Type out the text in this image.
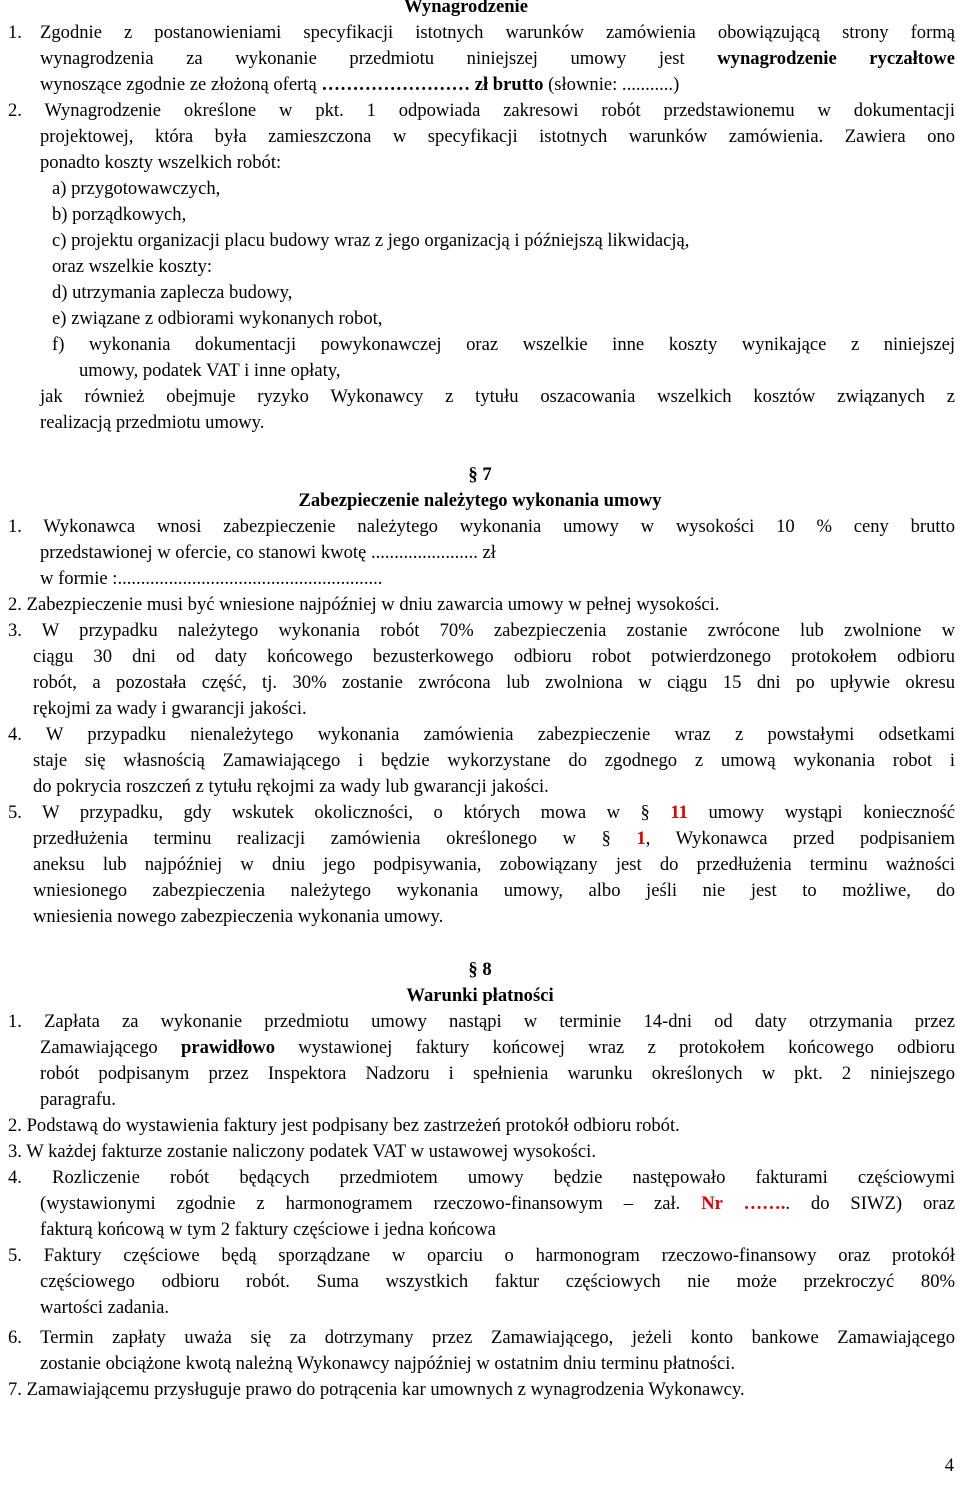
Wynagrodzenie
1. Zgodnie z postanowieniami specyfikacji istotnych warunków zamówienia obowiązującą strony formą
wynagrodzenia za wykonanie przedmiotu niniejszej umowy jest wynagrodzenie ryczałtowe
wynoszące zgodnie ze złożoną ofertą …………………… zł brutto (słownie: ...........)
2. Wynagrodzenie określone w pkt. 1 odpowiada zakresowi robót przedstawionemu w dokumentacji
projektowej, która była zamieszczona w specyfikacji istotnych warunków zamówienia. Zawiera ono
ponadto koszty wszelkich robót:
a) przygotowawczych,
b) porządkowych,
c) projektu organizacji placu budowy wraz z jego organizacją i późniejszą likwidacją,
oraz wszelkie koszty:
d) utrzymania zaplecza budowy,
e) związane z odbiorami wykonanych robot,
f) wykonania dokumentacji powykonawczej oraz wszelkie inne koszty wynikające z niniejszej
umowy, podatek VAT i inne opłaty,
jak również obejmuje ryzyko Wykonawcy z tytułu oszacowania wszelkich kosztów związanych z
realizacją przedmiotu umowy.
§ 7
Zabezpieczenie należytego wykonania umowy
1. Wykonawca wnosi zabezpieczenie należytego wykonania umowy w wysokości 10 % ceny brutto
przedstawionej w ofercie, co stanowi kwotę ....................... zł
w formie :.........................................................
2. Zabezpieczenie musi być wniesione najpóźniej w dniu zawarcia umowy w pełnej wysokości.
3. W przypadku należytego wykonania robót 70% zabezpieczenia zostanie zwrócone lub zwolnione w
ciągu 30 dni od daty końcowego bezusterkowego odbioru robot potwierdzonego protokołem odbioru
robót, a pozostała część, tj. 30% zostanie zwrócona lub zwolniona w ciągu 15 dni po upływie okresu
rękojmi za wady i gwarancji jakości.
4. W przypadku nienależytego wykonania zamówienia zabezpieczenie wraz z powstałymi odsetkami
staje się własnością Zamawiającego i będzie wykorzystane do zgodnego z umową wykonania robot i
do pokrycia roszczeń z tytułu rękojmi za wady lub gwarancji jakości.
5. W przypadku, gdy wskutek okoliczności, o których mowa w § 11 umowy wystąpi konieczność
przedłużenia terminu realizacji zamówienia określonego w § 1, Wykonawca przed podpisaniem
aneksu lub najpóźniej w dniu jego podpisywania, zobowiązany jest do przedłużenia terminu ważności
wniesionego zabezpieczenia należytego wykonania umowy, albo jeśli nie jest to możliwe, do
wniesienia nowego zabezpieczenia wykonania umowy.
§ 8
Warunki płatności
1. Zapłata za wykonanie przedmiotu umowy nastąpi w terminie 14-dni od daty otrzymania przez
Zamawiającego prawidłowo wystawionej faktury końcowej wraz z protokołem końcowego odbioru
robót podpisanym przez Inspektora Nadzoru i spełnienia warunku określonych w pkt. 2 niniejszego
paragrafu.
2. Podstawą do wystawienia faktury jest podpisany bez zastrzeżeń protokół odbioru robót.
3. W każdej fakturze zostanie naliczony podatek VAT w ustawowej wysokości.
4. Rozliczenie robót będących przedmiotem umowy będzie następowało fakturami częściowymi
(wystawionymi zgodnie z harmonogramem rzeczowo-finansowym – zał. Nr …….. do SIWZ) oraz
fakturą końcową w tym 2 faktury częściowe i jedna końcowa
5. Faktury częściowe będą sporządzane w oparciu o harmonogram rzeczowo-finansowy oraz protokół
częściowego odbioru robót. Suma wszystkich faktur częściowych nie może przekroczyć 80%
wartości zadania.
6. Termin zapłaty uważa się za dotrzymany przez Zamawiającego, jeżeli konto bankowe Zamawiającego
zostanie obciążone kwotą należną Wykonawcy najpóźniej w ostatnim dniu terminu płatności.
7. Zamawiającemu przysługuje prawo do potrącenia kar umownych z wynagrodzenia Wykonawcy.
4
